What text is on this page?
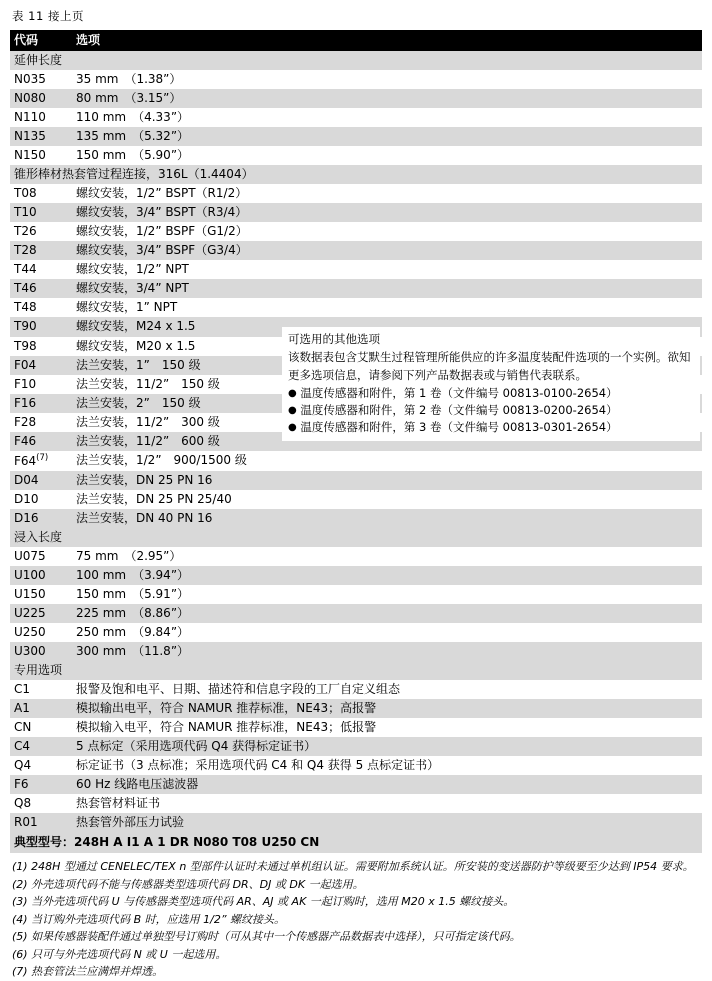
表 11 接上页
代码	选项
延伸长度	
N035	35 mm　（1.38”）
N080	80 mm　（3.15”）
N110	110 mm　（4.33”）
N135	135 mm　（5.32”）
N150	150 mm　（5.90”）
锥形棒材热套管过程连接，316L（1.4404）	
T08	螺纹安装，1/2” BSPT（R1/2）
T10	螺纹安装，3/4” BSPT（R3/4）
T26	螺纹安装，1/2” BSPF（G1/2）
T28	螺纹安装，3/4” BSPF（G3/4）
T44	螺纹安装，1/2” NPT
T46	螺纹安装，3/4” NPT
T48	螺纹安装，1” NPT
T90	螺纹安装，M24 x 1.5
T98	螺纹安装，M20 x 1.5
F04	法兰安装，1”　150 级
F10	法兰安装，11/2”　150 级
F16	法兰安装，2”　150 级
F28	法兰安装，11/2”　300 级
F46	法兰安装，11/2”　600 级
F64$^{(7)}$	法兰安装，1/2”　900/1500 级
D04	法兰安装，DN 25 PN 16
D10	法兰安装，DN 25 PN 25/40
D16	法兰安装，DN 40 PN 16
浸入长度	
U075	75 mm　（2.95”）
U100	100 mm　（3.94”）
U150	150 mm　（5.91”）
U225	225 mm　（8.86”）
U250	250 mm　（9.84”）
U300	300 mm　（11.8”）
专用选项	
C1	报警及饱和电平、日期、描述符和信息字段的工厂自定义组态
A1	模拟输出电平，符合 NAMUR 推荐标准，NE43；高报警
CN	模拟输入电平，符合 NAMUR 推荐标准，NE43；低报警
C4	5 点标定（采用选项代码 Q4 获得标定证书）
Q4	标定证书（3 点标准；采用选项代码 C4 和 Q4 获得 5 点标定证书）
F6	60 Hz 线路电压滤波器
Q8	热套管材料证书
R01	热套管外部压力试验
典型型号：248H A I1 A 1 DR N080 T08 U250 CN	
可选用的其他选项
该数据表包含艾默生过程管理所能供应的许多温度装配件选项的一个实例。欲知更多选项信息，请参阅下列产品数据表或与销售代表联系。
● 温度传感器和附件，第 1 卷（文件编号 00813-0100-2654）
● 温度传感器和附件，第 2 卷（文件编号 00813-0200-2654）
● 温度传感器和附件，第 3 卷（文件编号 00813-0301-2654）
(1) 248H 型通过 CENELEC/TEX n 型部件认证时未通过单机组认证。需要附加系统认证。所安装的变送器防护等级要至少达到 IP54 要求。
(2) 外壳选项代码不能与传感器类型选项代码 DR、DJ 或 DK 一起选用。
(3) 当外壳选项代码 U 与传感器类型选项代码 AR、AJ 或 AK 一起订购时，选用 M20 x 1.5 螺纹接头。
(4) 当订购外壳选项代码 B 时，应选用 1/2” 螺纹接头。
(5) 如果传感器装配件通过单独型号订购时（可从其中一个传感器产品数据表中选择），只可指定该代码。
(6) 只可与外壳选项代码 N 或 U 一起选用。
(7) 热套管法兰应满焊并焊透。
